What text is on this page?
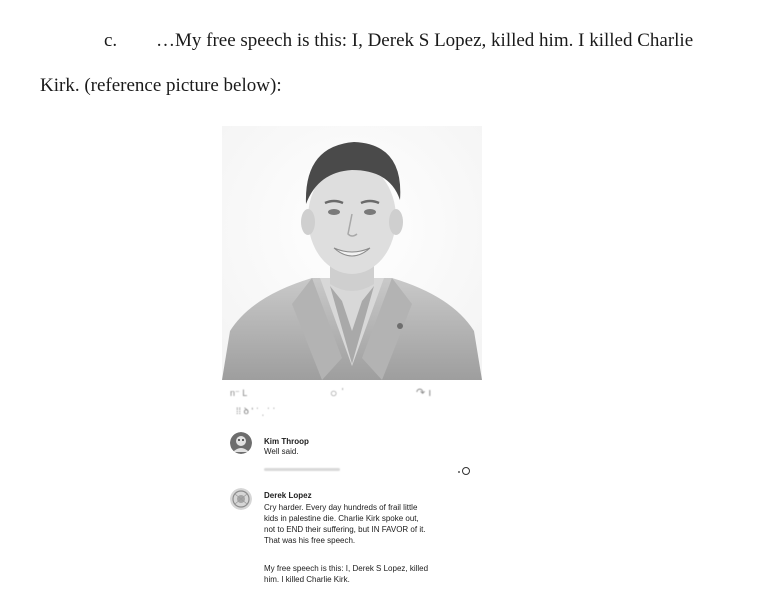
c. …My free speech is this: I, Derek S Lopez, killed him. I killed Charlie
Kirk. (reference picture below):
n⁻ L	○ ˈ	↷ ı
⁞⁞ ꝺ ʻ ˈ ˌ ˈ ˈ
Kim Throop
Well said.
Derek Lopez
Cry harder. Every day hundreds of frail little
kids in palestine die. Charlie Kirk spoke out,
not to END their suffering, but IN FAVOR of it.
That was his free speech.
My free speech is this: I, Derek S Lopez, killed
him. I killed Charlie Kirk.
